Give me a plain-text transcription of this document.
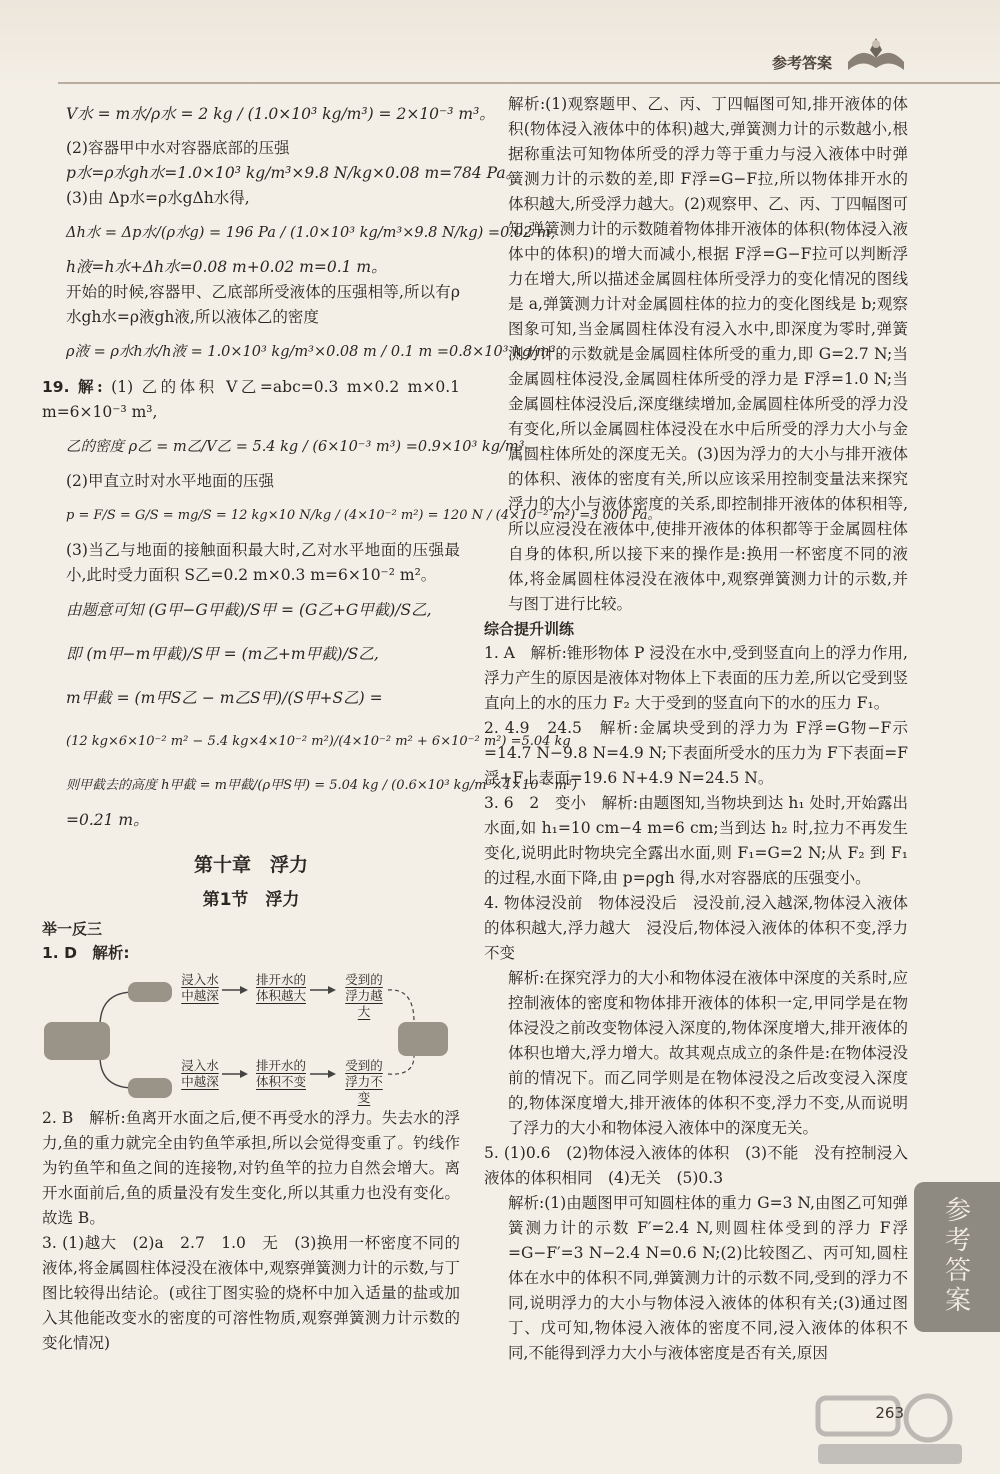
参考答案
V水 = m水/ρ水 = 2 kg / (1.0×10³ kg/m³) = 2×10⁻³ m³。
(2)容器甲中水对容器底部的压强
p水=ρ水gh水=1.0×10³ kg/m³×9.8 N/kg×0.08 m=784 Pa。
(3)由 Δp水=ρ水gΔh水得,
Δh水 = Δp水/(ρ水g) = 196 Pa / (1.0×10³ kg/m³×9.8 N/kg) =0.02 m,
h液=h水+Δh水=0.08 m+0.02 m=0.1 m。
开始的时候,容器甲、乙底部所受液体的压强相等,所以有ρ水gh水=ρ液gh液,所以液体乙的密度
ρ液 = ρ水h水/h液 = 1.0×10³ kg/m³×0.08 m / 0.1 m =0.8×10³ kg/m³。
19. 解: (1) 乙的体积 V乙=abc=0.3 m×0.2 m×0.1 m=6×10⁻³ m³,
乙的密度 ρ乙 = m乙/V乙 = 5.4 kg / (6×10⁻³ m³) =0.9×10³ kg/m³。
(2)甲直立时对水平地面的压强
p = F/S = G/S = mg/S = 12 kg×10 N/kg / (4×10⁻² m²) = 120 N / (4×10⁻² m²) =3 000 Pa。
(3)当乙与地面的接触面积最大时,乙对水平地面的压强最小,此时受力面积 S乙=0.2 m×0.3 m=6×10⁻² m²。
由题意可知 (G甲−G甲截)/S甲 = (G乙+G甲截)/S乙,
即 (m甲−m甲截)/S甲 = (m乙+m甲截)/S乙,
m甲截 = (m甲S乙 − m乙S甲)/(S甲+S乙) =
(12 kg×6×10⁻² m² − 5.4 kg×4×10⁻² m²)/(4×10⁻² m² + 6×10⁻² m²) =5.04 kg
则甲截去的高度 h甲截 = m甲截/(ρ甲S甲) = 5.04 kg / (0.6×10³ kg/m³×4×10⁻² m²)
=0.21 m。
第十章　浮力
第1节　浮力
举一反三
1. D　解析:
浸入水中越深
排开水的体积越大
受到的浮力越大
浸入水中越深
排开水的体积不变
受到的浮力不变
2. B　解析:鱼离开水面之后,便不再受水的浮力。失去水的浮力,鱼的重力就完全由钓鱼竿承担,所以会觉得变重了。钓线作为钓鱼竿和鱼之间的连接物,对钓鱼竿的拉力自然会增大。离开水面前后,鱼的质量没有发生变化,所以其重力也没有变化。故选 B。
3. (1)越大　(2)a　2.7　1.0　无　(3)换用一杯密度不同的液体,将金属圆柱体浸没在液体中,观察弹簧测力计的示数,与丁图比较得出结论。(或往丁图实验的烧杯中加入适量的盐或加入其他能改变水的密度的可溶性物质,观察弹簧测力计示数的变化情况)
解析:(1)观察题甲、乙、丙、丁四幅图可知,排开液体的体积(物体浸入液体中的体积)越大,弹簧测力计的示数越小,根据称重法可知物体所受的浮力等于重力与浸入液体中时弹簧测力计的示数的差,即 F浮=G−F拉,所以物体排开水的体积越大,所受浮力越大。(2)观察甲、乙、丙、丁四幅图可知,弹簧测力计的示数随着物体排开液体的体积(物体浸入液体中的体积)的增大而减小,根据 F浮=G−F拉可以判断浮力在增大,所以描述金属圆柱体所受浮力的变化情况的图线是 a,弹簧测力计对金属圆柱体的拉力的变化图线是 b;观察图象可知,当金属圆柱体没有浸入水中,即深度为零时,弹簧测力计的示数就是金属圆柱体所受的重力,即 G=2.7 N;当金属圆柱体浸没,金属圆柱体所受的浮力是 F浮=1.0 N;当金属圆柱体浸没后,深度继续增加,金属圆柱体所受的浮力没有变化,所以金属圆柱体浸没在水中后所受的浮力大小与金属圆柱体所处的深度无关。(3)因为浮力的大小与排开液体的体积、液体的密度有关,所以应该采用控制变量法来探究浮力的大小与液体密度的关系,即控制排开液体的体积相等,所以应浸没在液体中,使排开液体的体积都等于金属圆柱体自身的体积,所以接下来的操作是:换用一杯密度不同的液体,将金属圆柱体浸没在液体中,观察弹簧测力计的示数,并与图丁进行比较。
综合提升训练
1. A　解析:锥形物体 P 浸没在水中,受到竖直向上的浮力作用,浮力产生的原因是液体对物体上下表面的压力差,所以它受到竖直向上的水的压力 F₂ 大于受到的竖直向下的水的压力 F₁。
2. 4.9　24.5　解析:金属块受到的浮力为 F浮=G物−F示=14.7 N−9.8 N=4.9 N;下表面所受水的压力为 F下表面=F浮+F上表面=19.6 N+4.9 N=24.5 N。
3. 6　2　变小　解析:由题图知,当物块到达 h₁ 处时,开始露出水面,如 h₁=10 cm−4 m=6 cm;当到达 h₂ 时,拉力不再发生变化,说明此时物块完全露出水面,则 F₁=G=2 N;从 F₂ 到 F₁ 的过程,水面下降,由 p=ρgh 得,水对容器底的压强变小。
4. 物体浸没前　物体浸没后　浸没前,浸入越深,物体浸入液体的体积越大,浮力越大　浸没后,物体浸入液体的体积不变,浮力不变
解析:在探究浮力的大小和物体浸在液体中深度的关系时,应控制液体的密度和物体排开液体的体积一定,甲同学是在物体浸没之前改变物体浸入深度的,物体深度增大,排开液体的体积也增大,浮力增大。故其观点成立的条件是:在物体浸没前的情况下。而乙同学则是在物体浸没之后改变浸入深度的,物体深度增大,排开液体的体积不变,浮力不变,从而说明了浮力的大小和物体浸入液体中的深度无关。
5. (1)0.6　(2)物体浸入液体的体积　(3)不能　没有控制浸入液体的体积相同　(4)无关　(5)0.3
解析:(1)由题图甲可知圆柱体的重力 G=3 N,由图乙可知弹簧测力计的示数 F′=2.4 N,则圆柱体受到的浮力 F浮=G−F′=3 N−2.4 N=0.6 N;(2)比较图乙、丙可知,圆柱体在水中的体积不同,弹簧测力计的示数不同,受到的浮力不同,说明浮力的大小与物体浸入液体的体积有关;(3)通过图丁、戊可知,物体浸入液体的密度不同,浸入液体的体积不同,不能得到浮力大小与液体密度是否有关,原因
参考答案
263
